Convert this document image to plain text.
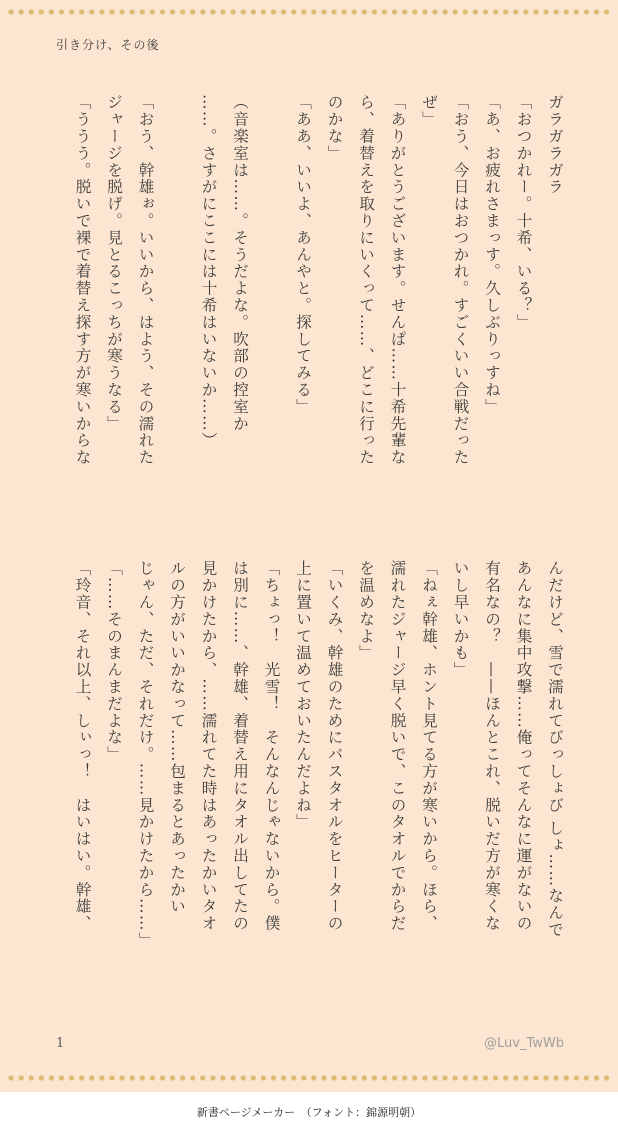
引き分け、その後
ガラガラガラ
「おつかれー。十希、いる？」
「あ、お疲れさまっす。久しぶりっすね」
「おう、今日はおつかれ。すごくいい合戦だった
ぜ」
「ありがとうございます。せんぱ……十希先輩な
ら、着替えを取りにいくって……、どこに行った
のかな」
「ああ、いいよ、あんやと。探してみる」

（音楽室は……。そうだよな。吹部の控室か
……。さすがにここには十希はいないか……）

「おう、幹雄ぉ。いいから、はよう、その濡れた
ジャージを脱げ。見とるこっちが寒うなる」
「ううう。脱いで裸で着替え探す方が寒いからな
んだけど、雪で濡れてびっしょび しょ……なんで
あんなに集中攻撃……俺ってそんなに運がないの
有名なの？　——ほんとこれ、脱いだ方が寒くな
いし早いかも」
「ねぇ幹雄、ホント見てる方が寒いから。ほら、
濡れたジャージ早く脱いで、このタオルでからだ
を温めなよ」
「いくみ、幹雄のためにバスタオルをヒーターの
上に置いて温めておいたんだよね」
「ちょっ！　光雪！　そんなんじゃないから。僕
は別に……、幹雄、着替え用にタオル出してたの
見かけたから、……濡れてた時はあったかいタオ
ルの方がいいかなって……包まるとあったかい
じゃん、ただ、それだけ。……見かけたから……」
「……そのまんまだよな」
「玲音、それ以上、しぃっ！　はいはい。幹雄、
1	@Luv_TwWb
新書ページメーカー　（フォント：錦源明朝）
